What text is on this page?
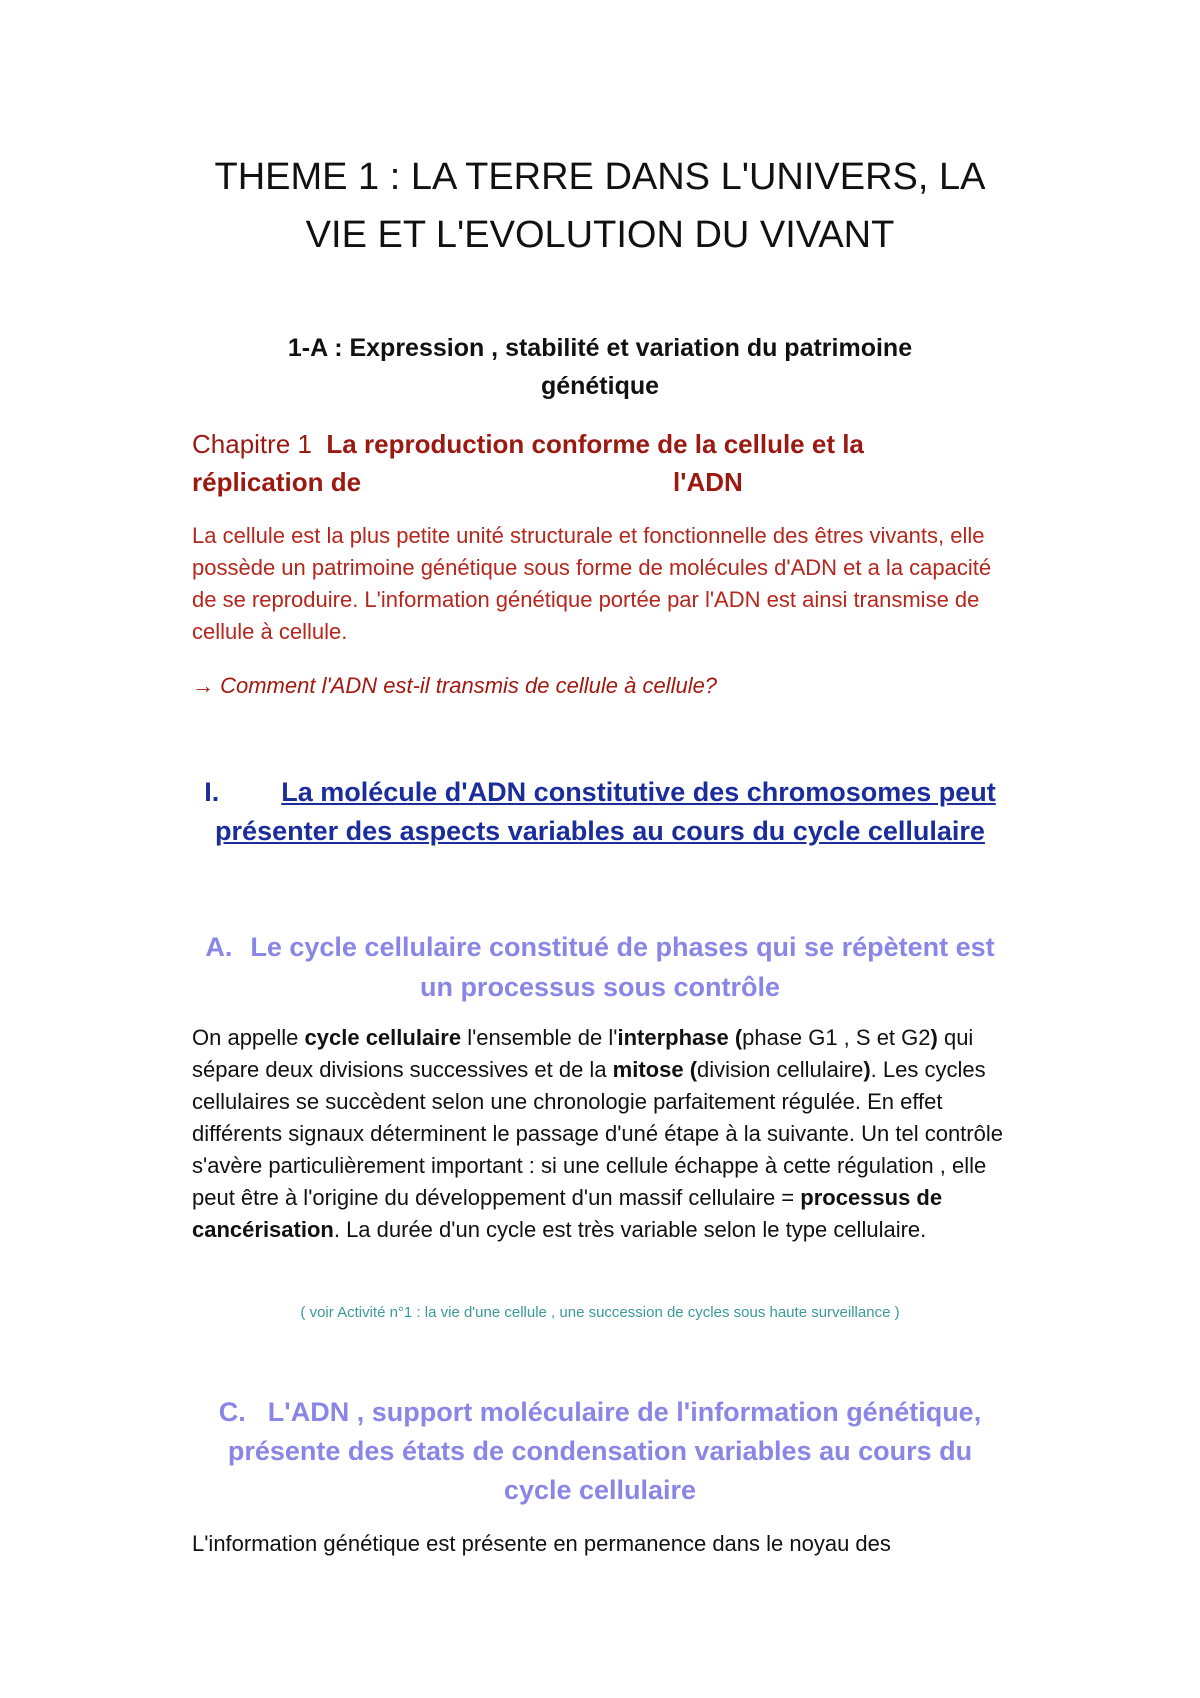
THEME 1 : LA TERRE DANS L'UNIVERS, LA
VIE ET L'EVOLUTION DU VIVANT
1-A : Expression , stabilité et variation du patrimoine
génétique
Chapitre 1 La reproduction conforme de la cellule et la
réplication de	l'ADN
La cellule est la plus petite unité structurale et fonctionnelle des êtres vivants, elle possède un patrimoine génétique sous forme de molécules d'ADN et a la capacité de se reproduire. L'information génétique portée par l'ADN est ainsi transmise de cellule à cellule.
→ Comment l'ADN est-il transmis de cellule à cellule?
I. La molécule d'ADN constitutive des chromosomes peut
présenter des aspects variables au cours du cycle cellulaire
A. Le cycle cellulaire constitué de phases qui se répètent est
un processus sous contrôle
On appelle cycle cellulaire l'ensemble de l'interphase (phase G1 , S et G2) qui sépare deux divisions successives et de la mitose (division cellulaire). Les cycles cellulaires se succèdent selon une chronologie parfaitement régulée. En effet différents signaux déterminent le passage d'uné étape à la suivante. Un tel contrôle s'avère particulièrement important : si une cellule échappe à cette régulation , elle peut être à l'origine du développement d'un massif cellulaire = processus de cancérisation. La durée d'un cycle est très variable selon le type cellulaire.
( voir Activité n°1 : la vie d'une cellule , une succession de cycles sous haute surveillance )
C. L'ADN , support moléculaire de l'information génétique,
présente des états de condensation variables au cours du
cycle cellulaire
L'information génétique est présente en permanence dans le noyau des
